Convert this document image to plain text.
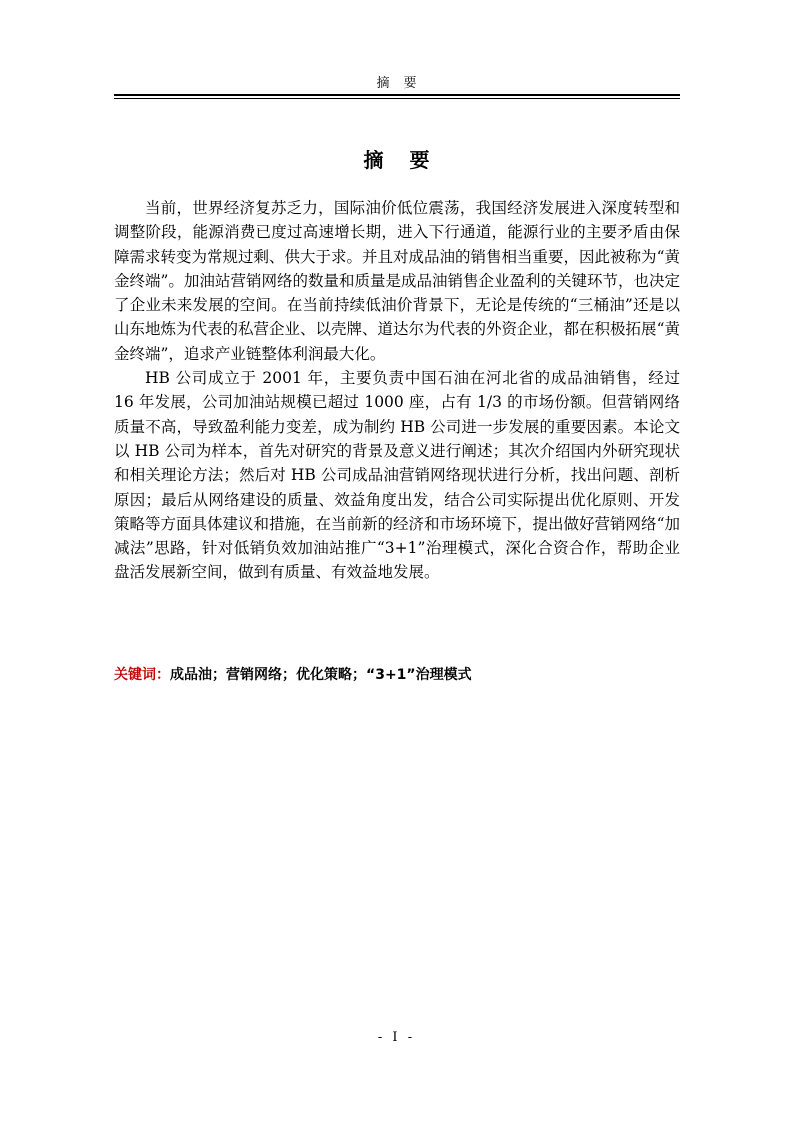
摘要
摘要

当前，世界经济复苏乏力，国际油价低位震荡，我国经济发展进入深度转型和调整阶段，能源消费已度过高速增长期，进入下行通道，能源行业的主要矛盾由保障需求转变为常规过剩、供大于求。并且对成品油的销售相当重要，因此被称为“黄金终端”。加油站营销网络的数量和质量是成品油销售企业盈利的关键环节，也决定了企业未来发展的空间。在当前持续低油价背景下，无论是传统的“三桶油”还是以山东地炼为代表的私营企业、以壳牌、道达尔为代表的外资企业，都在积极拓展“黄金终端”，追求产业链整体利润最大化。

HB 公司成立于 2001 年，主要负责中国石油在河北省的成品油销售，经过 16 年发展，公司加油站规模已超过 1000 座，占有 1/3 的市场份额。但营销网络质量不高，导致盈利能力变差，成为制约 HB 公司进一步发展的重要因素。本论文以 HB 公司为样本，首先对研究的背景及意义进行阐述；其次介绍国内外研究现状和相关理论方法；然后对 HB 公司成品油营销网络现状进行分析，找出问题、剖析原因；最后从网络建设的质量、效益角度出发，结合公司实际提出优化原则、开发策略等方面具体建议和措施，在当前新的经济和市场环境下，提出做好营销网络“加减法”思路，针对低销负效加油站推广“3+1”治理模式，深化合资合作，帮助企业盘活发展新空间，做到有质量、有效益地发展。

关键词：成品油；营销网络；优化策略；“3+1”治理模式
- I -
